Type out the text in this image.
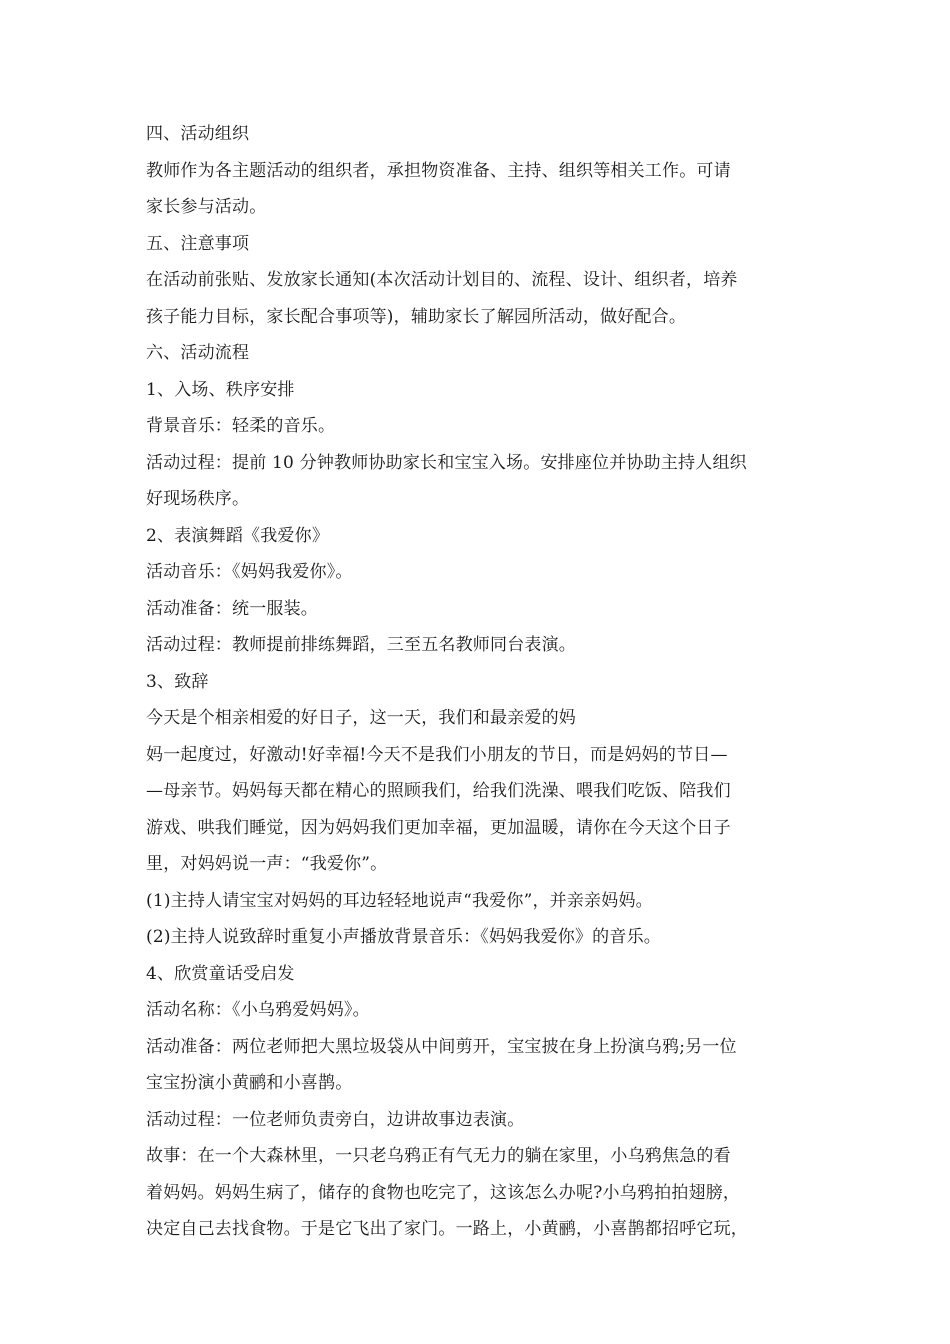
四、活动组织

教师作为各主题活动的组织者，承担物资准备、主持、组织等相关工作。可请

家长参与活动。

五、注意事项

在活动前张贴、发放家长通知(本次活动计划目的、流程、设计、组织者，培养

孩子能力目标，家长配合事项等)，辅助家长了解园所活动，做好配合。

六、活动流程

1、入场、秩序安排

背景音乐：轻柔的音乐。

活动过程：提前 10 分钟教师协助家长和宝宝入场。安排座位并协助主持人组织

好现场秩序。

2、表演舞蹈《我爱你》

活动音乐：《妈妈我爱你》。

活动准备：统一服装。

活动过程：教师提前排练舞蹈，三至五名教师同台表演。

3、致辞

今天是个相亲相爱的好日子，这一天，我们和最亲爱的妈

妈一起度过，好激动!好幸福!今天不是我们小朋友的节日，而是妈妈的节日—

—母亲节。妈妈每天都在精心的照顾我们，给我们洗澡、喂我们吃饭、陪我们

游戏、哄我们睡觉，因为妈妈我们更加幸福，更加温暖，请你在今天这个日子

里，对妈妈说一声：“我爱你”。

(1)主持人请宝宝对妈妈的耳边轻轻地说声“我爱你”，并亲亲妈妈。

(2)主持人说致辞时重复小声播放背景音乐：《妈妈我爱你》的音乐。

4、欣赏童话受启发

活动名称：《小乌鸦爱妈妈》。

活动准备：两位老师把大黑垃圾袋从中间剪开，宝宝披在身上扮演乌鸦;另一位

宝宝扮演小黄鹂和小喜鹊。

活动过程：一位老师负责旁白，边讲故事边表演。

故事：在一个大森林里，一只老乌鸦正有气无力的躺在家里，小乌鸦焦急的看

着妈妈。妈妈生病了，储存的食物也吃完了，这该怎么办呢?小乌鸦拍拍翅膀，

决定自己去找食物。于是它飞出了家门。一路上，小黄鹂，小喜鹊都招呼它玩，
